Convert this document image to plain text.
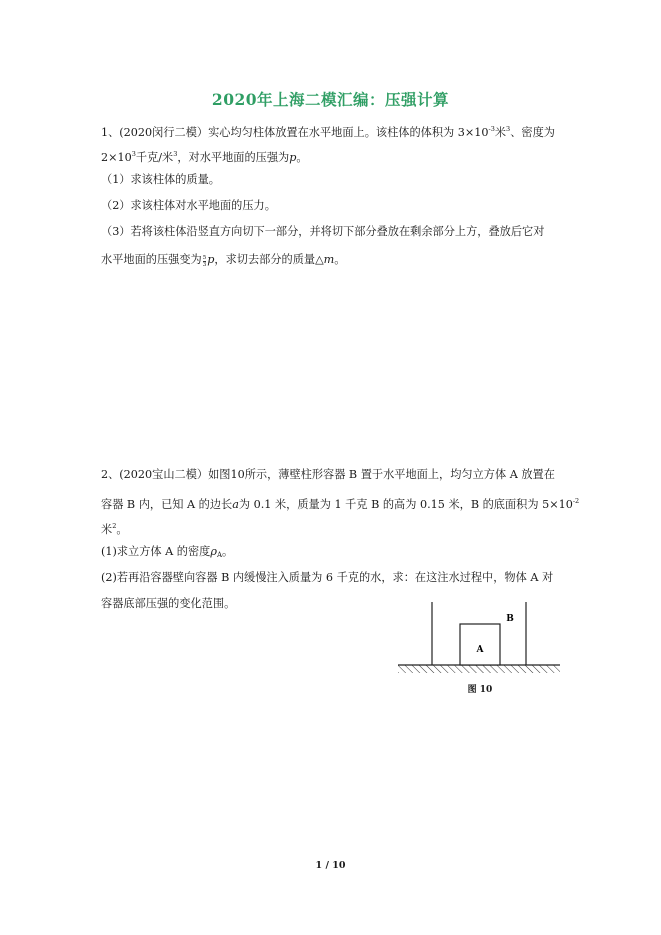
2020年上海二模汇编：压强计算
1、(2020闵行二模）实心均匀柱体放置在水平地面上。该柱体的体积为 $3\times 10^{-3}$米$^3$、密度为
$2\times 10^3$千克/米$^3$，对水平地面的压强为p。
（1）求该柱体的质量。
（2）求该柱体对水平地面的压力。
（3）若将该柱体沿竖直方向切下一部分，并将切下部分叠放在剩余部分上方，叠放后它对
水平地面的压强变为 $\frac{5}{3}$ p，求切去部分的质量△m。
2、(2020宝山二模）如图10所示，薄壁柱形容器 B 置于水平地面上，均匀立方体 A 放置在
容器 B 内，已知 A 的边长a为 0.1 米，质量为 1 千克 B 的高为 0.15 米，B 的底面积为 $5\times 10^{-2}$
米$^2$。
(1)求立方体 A 的密度$\rho_A$。
(2)若再沿容器壁向容器 B 内缓慢注入质量为 6 千克的水，求：在这注水过程中，物体 A 对
容器底部压强的变化范围。
A
B
图 10
1 / 10
